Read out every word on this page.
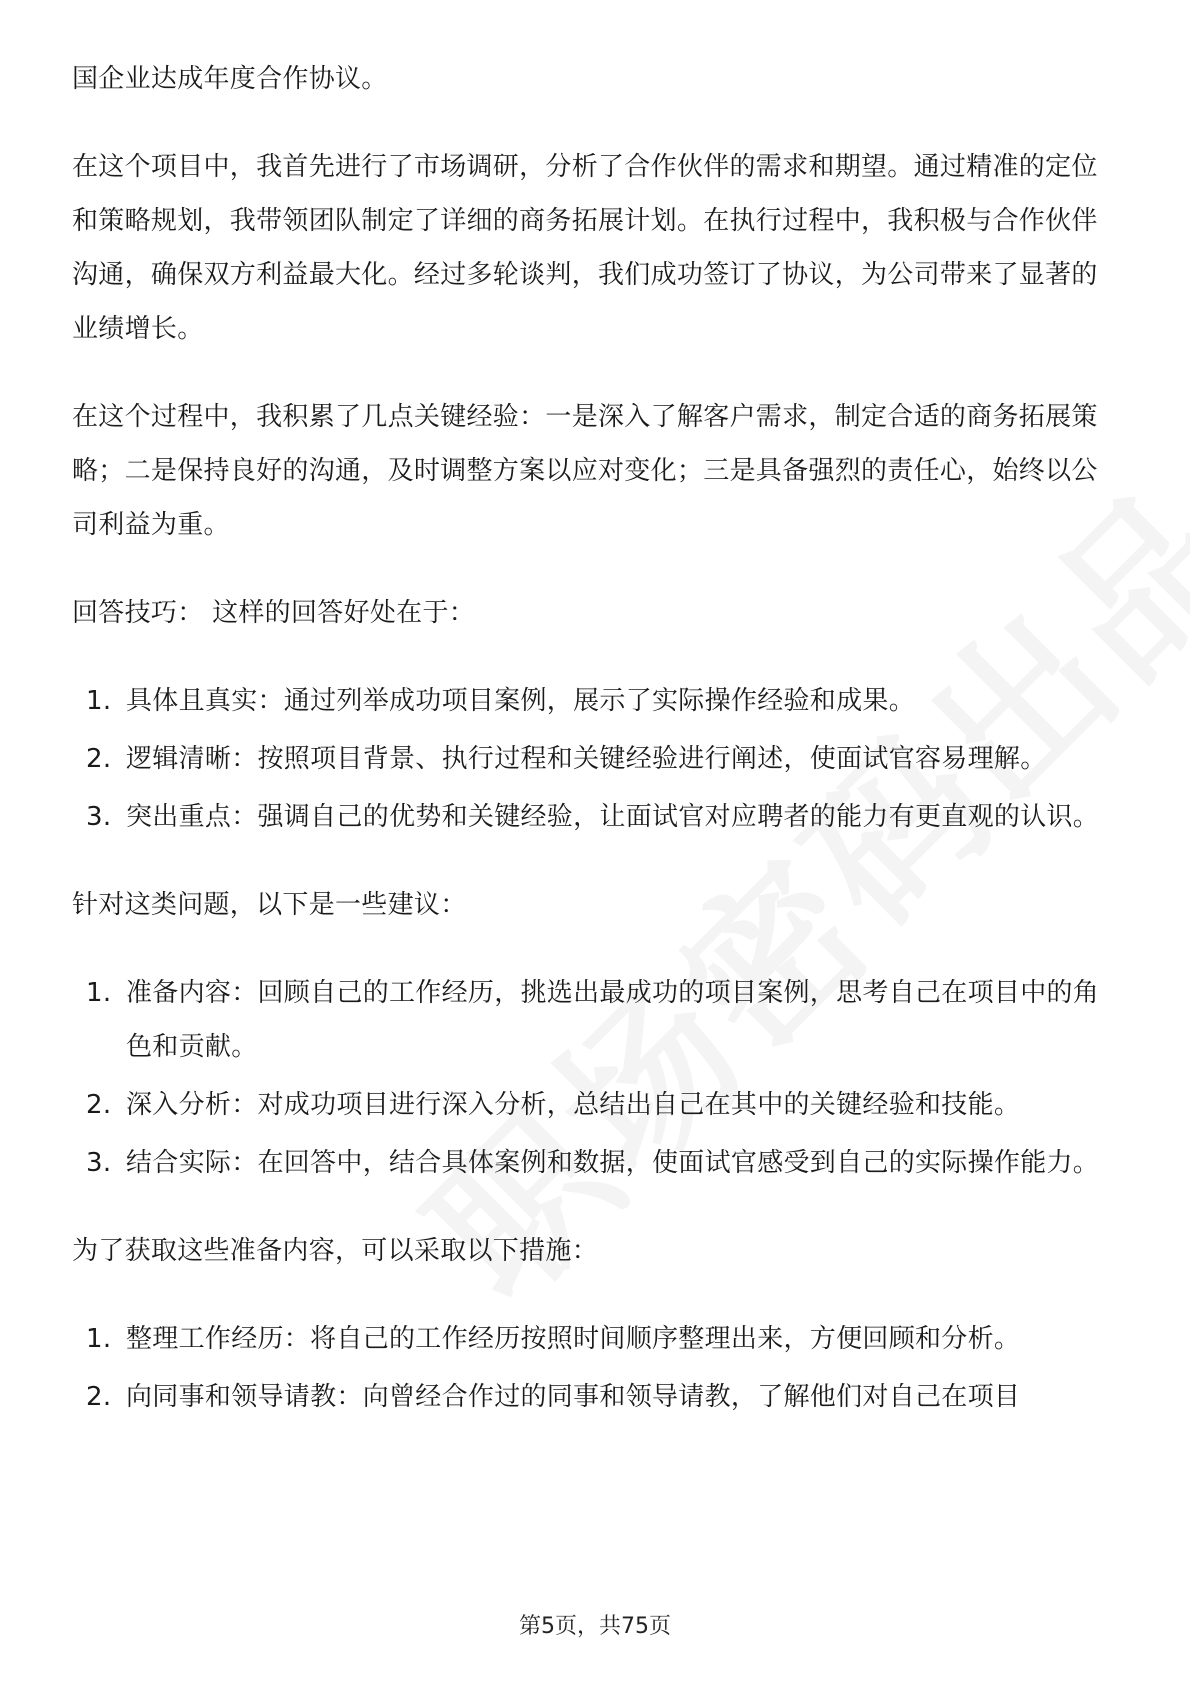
国企业达成年度合作协议。

在这个项目中，我首先进行了市场调研，分析了合作伙伴的需求和期望。通过精准的定位和策略规划，我带领团队制定了详细的商务拓展计划。在执行过程中，我积极与合作伙伴沟通，确保双方利益最大化。经过多轮谈判，我们成功签订了协议，为公司带来了显著的业绩增长。

在这个过程中，我积累了几点关键经验：一是深入了解客户需求，制定合适的商务拓展策略；二是保持良好的沟通，及时调整方案以应对变化；三是具备强烈的责任心，始终以公司利益为重。

回答技巧： 这样的回答好处在于：

1. 具体且真实：通过列举成功项目案例，展示了实际操作经验和成果。
2. 逻辑清晰：按照项目背景、执行过程和关键经验进行阐述，使面试官容易理解。
3. 突出重点：强调自己的优势和关键经验，让面试官对应聘者的能力有更直观的认识。

针对这类问题，以下是一些建议：

1. 准备内容：回顾自己的工作经历，挑选出最成功的项目案例，思考自己在项目中的角色和贡献。
2. 深入分析：对成功项目进行深入分析，总结出自己在其中的关键经验和技能。
3. 结合实际：在回答中，结合具体案例和数据，使面试官感受到自己的实际操作能力。

为了获取这些准备内容，可以采取以下措施：

1. 整理工作经历：将自己的工作经历按照时间顺序整理出来，方便回顾和分析。
2. 向同事和领导请教：向曾经合作过的同事和领导请教，了解他们对自己在项目
第5页，共75页
